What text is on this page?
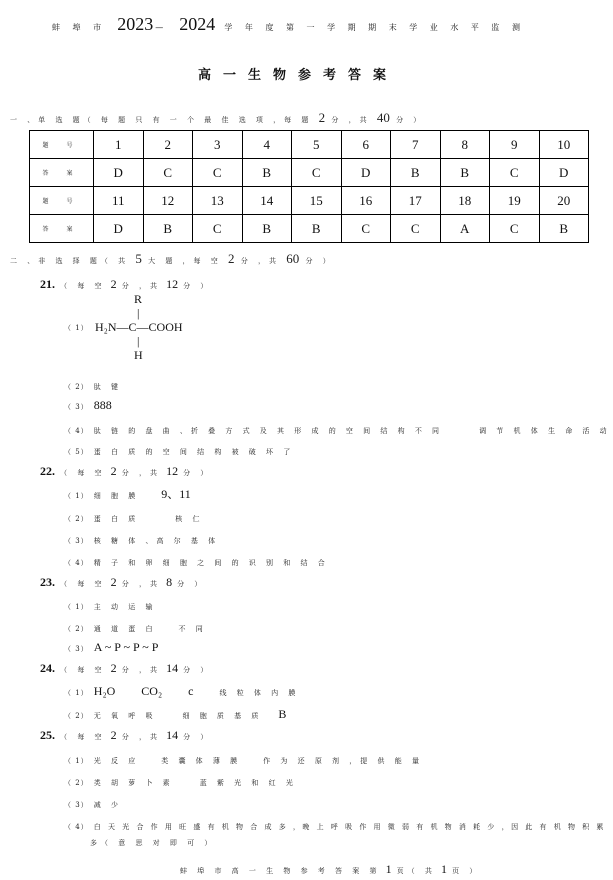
蚌 埠 市 2023 — 2024 学 年 度 第 一 学 期 期 末 学 业 水 平 监 测
高一生物参考答案
一 、单 选 题（ 每 题 只 有 一 个 最 佳 选 项 ，每 题 2 分 ，共 40 分 ）
题 号	1	2	3	4	5	6	7	8	9	10
答 案	D	C	C	B	C	D	B	B	C	D
题 号	11	12	13	14	15	16	17	18	19	20
答 案	D	B	C	B	B	C	C	A	C	B
二 、非 选 择 题（ 共 5 大 题 ，每 空 2 分 ，共 60 分 ）
21. （ 每 空 2 分 ，共 12 分 ）
（ 1）
R
|
H₂N—C—COOH
|
H
（ 2） 肽 键
（ 3） 888
（ 4） 肽 链 的 盘 曲 、折 叠 方 式 及 其 形 成 的 空 间 结 构 不 同	调 节 机 体 生 命 活 动
（ 5） 蛋 白 质 的 空 间 结 构 被 破 坏 了
22. （ 每 空 2 分 ，共 12 分 ）
（ 1） 细 胞 膜 9、11
（ 2） 蛋 白 质	核 仁
（ 3） 核 糖 体 、高 尔 基 体
（ 4） 精 子 和 卵 细 胞 之 间 的 识 别 和 结 合
23. （ 每 空 2 分 ，共 8 分 ）
（ 1） 主 动 运 输
（ 2） 通 道 蛋 白	不 同
（ 3） A ~ P ~ P ~ P
24. （ 每 空 2 分 ，共 14 分 ）
（ 1） H₂O CO₂ c	线 粒 体 内 膜
（ 2） 无 氧 呼 吸	细 胞 质 基 质 B
25. （ 每 空 2 分 ，共 14 分 ）
（ 1） 光 反 应	类 囊 体 薄 膜	作 为 还 原 剂 ，提 供 能 量
（ 2） 类 胡 萝 卜 素	蓝 紫 光 和 红 光
（ 3） 减 少
（ 4） 白 天 光 合 作 用 旺 盛 有 机 物 合 成 多 ，晚 上 呼 吸 作 用 微 弱 有 机 物 消 耗 少 ，因 此 有 机 物 积 累
多（ 意 思 对 即 可 ）
蚌 埠 市 高 一 生 物 参 考 答 案 第 1 页（ 共 1 页 ）
